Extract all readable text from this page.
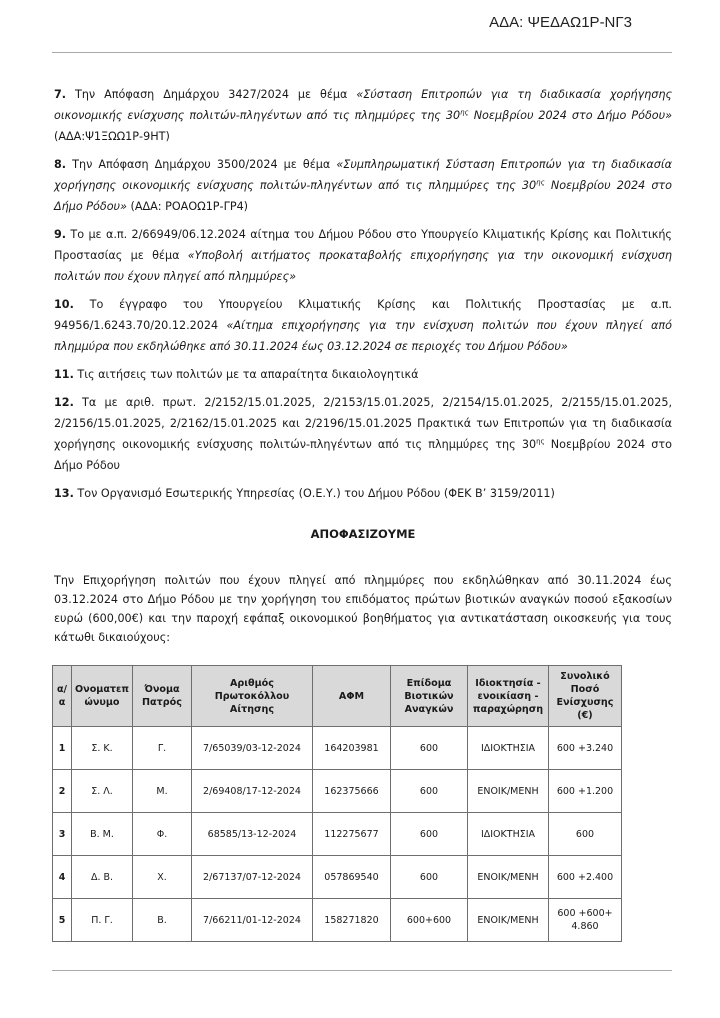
ΑΔΑ: ΨΕΔΑΩ1Ρ-ΝΓ3

7. Την Απόφαση Δημάρχου 3427/2024 με θέμα «Σύσταση Επιτροπών για τη διαδικασία χορήγησης οικονομικής ενίσχυσης πολιτών-πληγέντων από τις πλημμύρες της $30^{\eta\varsigma}$ Νοεμβρίου 2024 στο Δήμο Ρόδου» (ΑΔΑ:Ψ1ΞΩΩ1Ρ-9ΗΤ)

8. Την Απόφαση Δημάρχου 3500/2024 με θέμα «Συμπληρωματική Σύσταση Επιτροπών για τη διαδικασία χορήγησης οικονομικής ενίσχυσης πολιτών-πληγέντων από τις πλημμύρες της $30^{\eta\varsigma}$ Νοεμβρίου 2024 στο Δήμο Ρόδου» (ΑΔΑ: ΡΟΑΟΩ1Ρ-ΓΡ4)

9. Το με α.π. 2/66949/06.12.2024 αίτημα του Δήμου Ρόδου στο Υπουργείο Κλιματικής Κρίσης και Πολιτικής Προστασίας με θέμα «Υποβολή αιτήματος προκαταβολής επιχορήγησης για την οικονομική ενίσχυση πολιτών που έχουν πληγεί από πλημμύρες»

10. Το έγγραφο του Υπουργείου Κλιματικής Κρίσης και Πολιτικής Προστασίας με α.π. 94956/1.6243.70/20.12.2024 «Αίτημα επιχορήγησης για την ενίσχυση πολιτών που έχουν πληγεί από πλημμύρα που εκδηλώθηκε από 30.11.2024 έως 03.12.2024 σε περιοχές του Δήμου Ρόδου»

11. Τις αιτήσεις των πολιτών με τα απαραίτητα δικαιολογητικά

12. Τα με αριθ. πρωτ. 2/2152/15.01.2025, 2/2153/15.01.2025, 2/2154/15.01.2025, 2/2155/15.01.2025, 2/2156/15.01.2025, 2/2162/15.01.2025 και 2/2196/15.01.2025 Πρακτικά των Επιτροπών για τη διαδικασία χορήγησης οικονομικής ενίσχυσης πολιτών-πληγέντων από τις πλημμύρες της $30^{\eta\varsigma}$ Νοεμβρίου 2024 στο Δήμο Ρόδου

13. Τον Οργανισμό Εσωτερικής Υπηρεσίας (Ο.Ε.Υ.) του Δήμου Ρόδου (ΦΕΚ Β’ 3159/2011)

ΑΠΟΦΑΣΙΖΟΥΜΕ

Την Επιχορήγηση πολιτών που έχουν πληγεί από πλημμύρες που εκδηλώθηκαν από 30.11.2024 έως 03.12.2024 στο Δήμο Ρόδου με την χορήγηση του επιδόματος πρώτων βιοτικών αναγκών ποσού εξακοσίων ευρώ (600,00€) και την παροχή εφάπαξ οικονομικού βοηθήματος για αντικατάσταση οικοσκευής για τους κάτωθι δικαιούχους:

α/α	Ονοματεπ ώνυμο	Όνομα Πατρός	Αριθμός Πρωτοκόλλου Αίτησης	ΑΦΜ	Επίδομα Βιοτικών Αναγκών	Ιδιοκτησία - ενοικίαση - παραχώρηση	Συνολικό Ποσό Ενίσχυσης (€)
1	Σ. Κ.	Γ.	7/65039/03-12-2024	164203981	600	ΙΔΙΟΚΤΗΣΙΑ	600 +3.240
2	Σ. Λ.	Μ.	2/69408/17-12-2024	162375666	600	ΕΝΟΙΚ/ΜΕΝΗ	600 +1.200
3	Β. Μ.	Φ.	68585/13-12-2024	112275677	600	ΙΔΙΟΚΤΗΣΙΑ	600
4	Δ. Β.	Χ.	2/67137/07-12-2024	057869540	600	ΕΝΟΙΚ/ΜΕΝΗ	600 +2.400
5	Π. Γ.	Β.	7/66211/01-12-2024	158271820	600+600	ΕΝΟΙΚ/ΜΕΝΗ	600 +600+ 4.860
